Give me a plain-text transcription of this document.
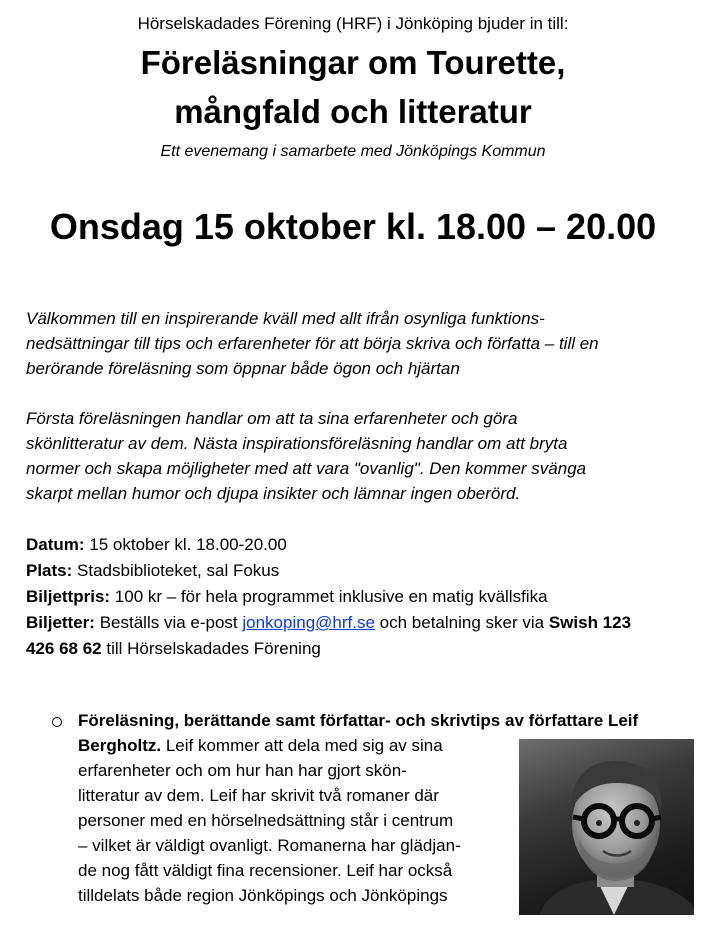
Hörselskadades Förening (HRF) i Jönköping bjuder in till:
Föreläsningar om Tourette,
mångfald och litteratur
Ett evenemang i samarbete med Jönköpings Kommun
Onsdag 15 oktober kl. 18.00 – 20.00
Välkommen till en inspirerande kväll med allt ifrån osynliga funktions-
nedsättningar till tips och erfarenheter för att börja skriva och författa – till en
berörande föreläsning som öppnar både ögon och hjärtan
Första föreläsningen handlar om att ta sina erfarenheter och göra
skönlitteratur av dem. Nästa inspirationsföreläsning handlar om att bryta
normer och skapa möjligheter med att vara "ovanlig". Den kommer svänga
skarpt mellan humor och djupa insikter och lämnar ingen oberörd.
Datum: 15 oktober kl. 18.00-20.00
Plats: Stadsbiblioteket, sal Fokus
Biljettpris: 100 kr – för hela programmet inklusive en matig kvällsfika
Biljetter: Beställs via e-post jonkoping@hrf.se och betalning sker via Swish 123
426 68 62 till Hörselskadades Förening
Föreläsning, berättande samt författar- och skrivtips av författare Leif
Bergholtz. Leif kommer att dela med sig av sina
erfarenheter och om hur han har gjort skön-
litteratur av dem. Leif har skrivit två romaner där
personer med en hörselnedsättning står i centrum
– vilket är väldigt ovanligt. Romanerna har glädjan-
de nog fått väldigt fina recensioner. Leif har också
tilldelats både region Jönköpings och Jönköpings
